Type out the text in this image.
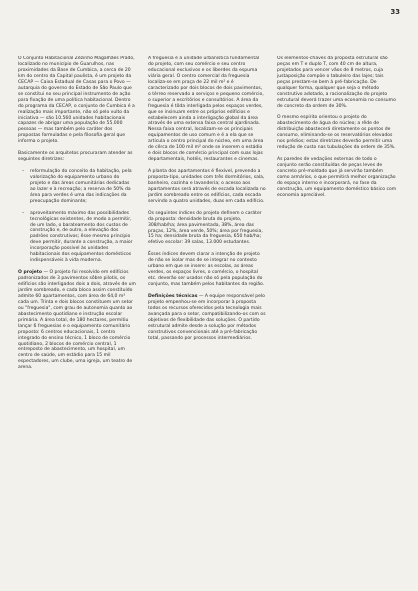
33

O Conjunto Habitacional Zézinho Magalhães Prado, localizado no município de Guarulhos, nas proximidades da Base de Cumbica, a cerca de 20 km do centro da Capital paulista, é um projeto da CECAP — Caixa Estadual de Casas para o Povo — autarquia do governo do Estado de São Paulo que se constitui no seu principal instrumento de ação para fixação de uma política habitacional. Dentro do programa da CECAP, o conjunto de Cumbica é a realização mais importante, não só pelo vulto da iniciativa — são 10.560 unidades habitacionais capazes de abrigar uma população de 55.000 pessoas — mas também pelo caráter dos propostas formuladas e pela filosofia geral que informa o projeto.

Basicamente os arquitetos procuraram atender as seguintes diretrizes:

– reformulação do conceito da habitação, pela valorização do equipamento urbano do projeto e das áreas comunitárias dedicadas ao lazer e à recreação; a reserva de 50% da área para verdes é uma das indicações da preocupação dominante;
– aproveitamento máximo das possibilidades tecnológicas existentes, de modo a permitir, de um lado, o barateamento dos custos de construção e, de outro, a elevação dos padrões construtivos; êsse mesmo princípio deve permitir, durante a construção, a maior incorporação possível às unidades habitacionais dos equipamentos domésticos indispensáveis à vida moderna.

O projeto — O projeto foi resolvido em edifícios padronizados de 3 pavimentos sôbre pilotis, os edifícios são interligados dois a dois, através de um jardim sombreado, e cada bloco assim constituído admite 60 apartamentos, com área de 64,0 m² cada um. Trinta e dois blocos constituem um setor ou "freguesia", com grau de autonomia quanto ao abastecimento quotidiano e instrução escolar primária. A área total, de 180 hectares, permitiu lançar 6 freguesias e o equipamento comunitário proposto: 6 centros educacionais, 1 centro integrado do ensino técnico, 1 bloco de comércio quotidiano, 2 blocos de comércio central, 1 entreposto de abastecimento, um hospital, um centro de saúde, um estádio para 15 mil espectadores, um clube, uma igreja, um teatro de arena.

A freguesia é a unidade urbanística fundamental do projeto, com seu comércio e seu centro educacional exclusivos e os liberdes da espuma viária geral. O centro comercial da freguesia localiza-se em praça de 22 mil m² e é caracterizado por dois blocos de dois pavimentos, o térreo reservado a serviços e pequeno comércio, o superior a escritórios e consultórios. A área da freguesia é tôda interligada pelos espaços verdes, que se insinuam entre os próprios edifícios e estabelecem ainda a interligação global da área através de uma extensa faixa central ajardinada. Nessa faixa central, localizam-se os principais equipamentos de uso comum e é a ela que se articula o centro principal do núcleo, em uma área de cêrca de 100 mil m² onde se inserem o estádio e dois blocos de comércio principal com suas lojas departamentais, hotéis, restaurantes e cinemas.

A planta dos apartamentos é flexível, prevendo a proposta-tipo, unidades com três dormitórios, sala, banheiro, cozinha e lavanderia; o acesso aos apartamentos será através de escada localizada no jardim sombreado entre os edifícios, cada escada servindo a quatro unidades, duas em cada edifício.

Os seguintes índices do projeto definem o caráter da proposta: densidade bruta do projeto, 308/hab/ha; área pavimentada, 38%, área das praças, 12%, área verde, 50%; área por freguesia, 15 ha; densidade bruta da freguesia, 650 hab/ha; efetivo escolar: 39 salas, 13.000 estudantes.

Êsses índices devem clarar a intenção de projeto de não se isolar mas de se integrar no contexto urbano em que se insere: as escolas, as áreas verdes, os espaços livres, o comércio, o hospital etc. deverão ser usados não só pela população do conjunto, mas também pelos habitantes da região.

Definições técnicas — A equipe responsável pelo projeto empenhou-se em incorporar à proposta todos os recursos oferecidos pela tecnologia mais avançada para o setor, compatibilizando-os com os objetivos de flexibilidade das soluções. O partido estrutural admite desde a solução por métodos construtivos convencionais até a pré-fabricação total, passando por processos intermediários.

Os elementos-chaves da proposta estrutural são peças em T e duplo T, com 40 cm de altura, projetados para vencer vãos de 8 metros, cuja justaposição compõe o tabuleiro das lajes; tais peças prestam-se bem à pré-fabricação. De qualquer forma, qualquer que seja o método construtivo adotado, a racionalização do projeto estrutural deverá trazer uma economia no consumo de concreto da ordem de 30%.

O mesmo espírito orientou o projeto do abastecimento de água do núcleo; a rêde de distribuição abastecerá diretamente os pontos de consumo, eliminando-se os reservatórios elevados nos prédios; estas diretrizes deverão permitir uma redução de custo nas tubulações da ordem de 35%.

As paredes de vedações externas de todo o conjunto serão constituídas de peças leves de concreto pré-moldado que já servirão também como armários, o que permitirá melhor organização do espaço interno e incorporará, no fase da construção, um equipamento doméstico básico com economia apreciável.
